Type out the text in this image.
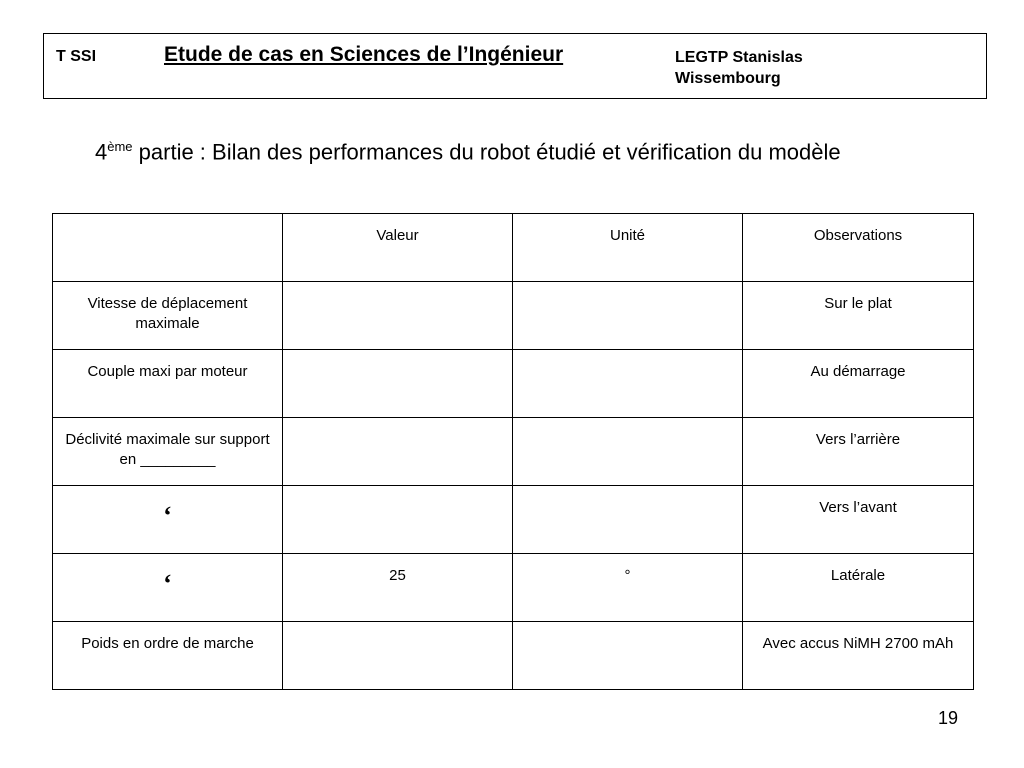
T SSI	Etude de cas en Sciences de l’Ingénieur	LEGTP Stanislas
Wissembourg
4ème partie : Bilan des performances du robot étudié et vérification du modèle
	Valeur	Unité	Observations
Vitesse de déplacement maximale			Sur le plat
Couple maxi par moteur			Au démarrage
Déclivité maximale sur support en _________			Vers l’arrière
‘			Vers l’avant
‘	25	°	Latérale
Poids en ordre de marche			Avec accus NiMH 2700 mAh
19
